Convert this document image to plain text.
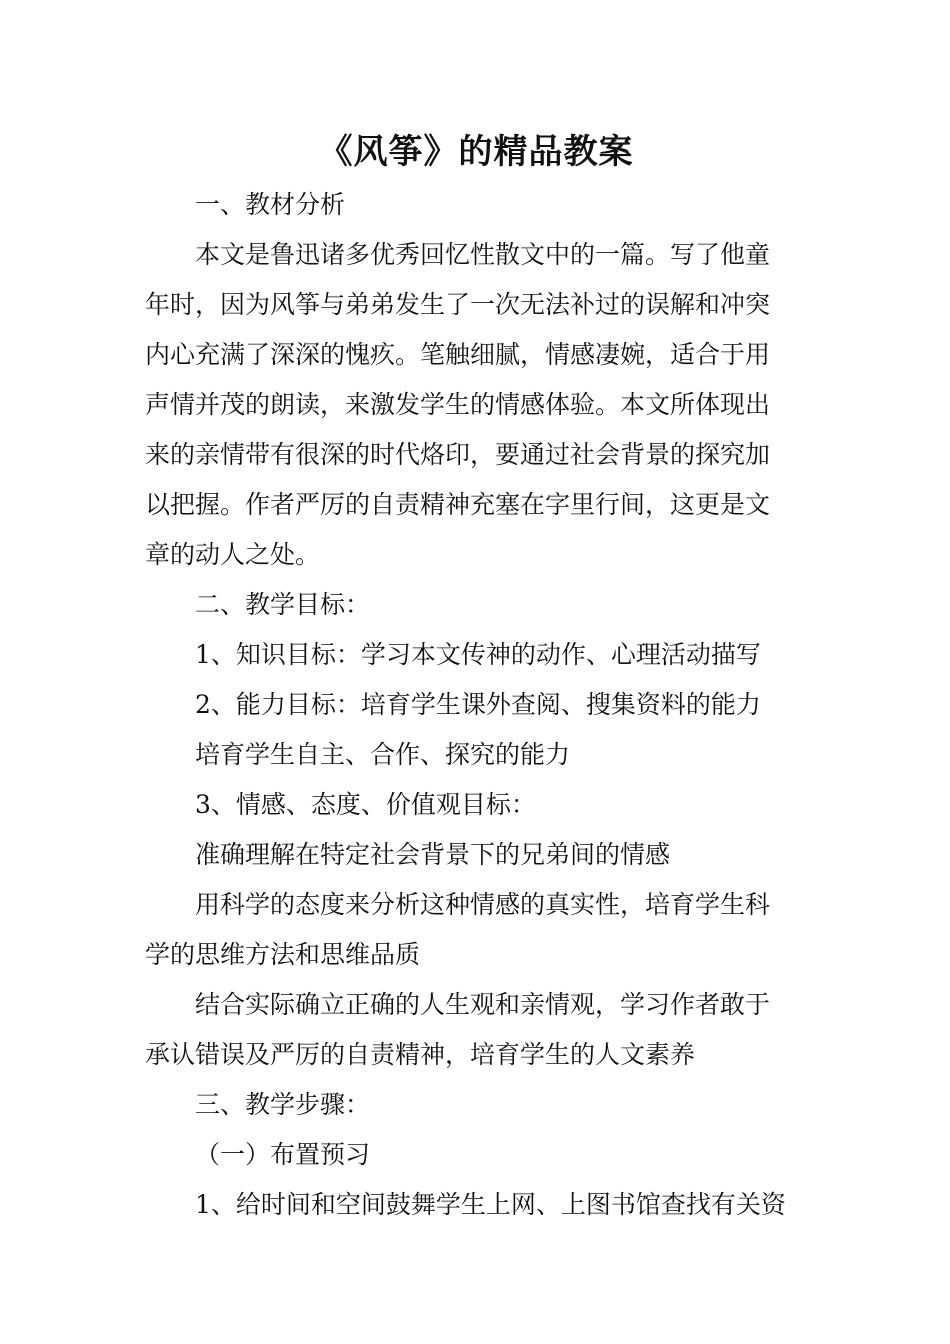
《风筝》的精品教案

一、教材分析

本文是鲁迅诸多优秀回忆性散文中的一篇。写了他童

年时，因为风筝与弟弟发生了一次无法补过的误解和冲突

内心充满了深深的愧疚。笔触细腻，情感凄婉，适合于用

声情并茂的朗读，来激发学生的情感体验。本文所体现出

来的亲情带有很深的时代烙印，要通过社会背景的探究加

以把握。作者严厉的自责精神充塞在字里行间，这更是文

章的动人之处。

二、教学目标：

1、知识目标：学习本文传神的动作、心理活动描写

2、能力目标：培育学生课外查阅、搜集资料的能力

培育学生自主、合作、探究的能力

3、情感、态度、价值观目标：

准确理解在特定社会背景下的兄弟间的情感

用科学的态度来分析这种情感的真实性，培育学生科

学的思维方法和思维品质

结合实际确立正确的人生观和亲情观，学习作者敢于

承认错误及严厉的自责精神，培育学生的人文素养

三、教学步骤：

（一）布置预习

1、给时间和空间鼓舞学生上网、上图书馆查找有关资
